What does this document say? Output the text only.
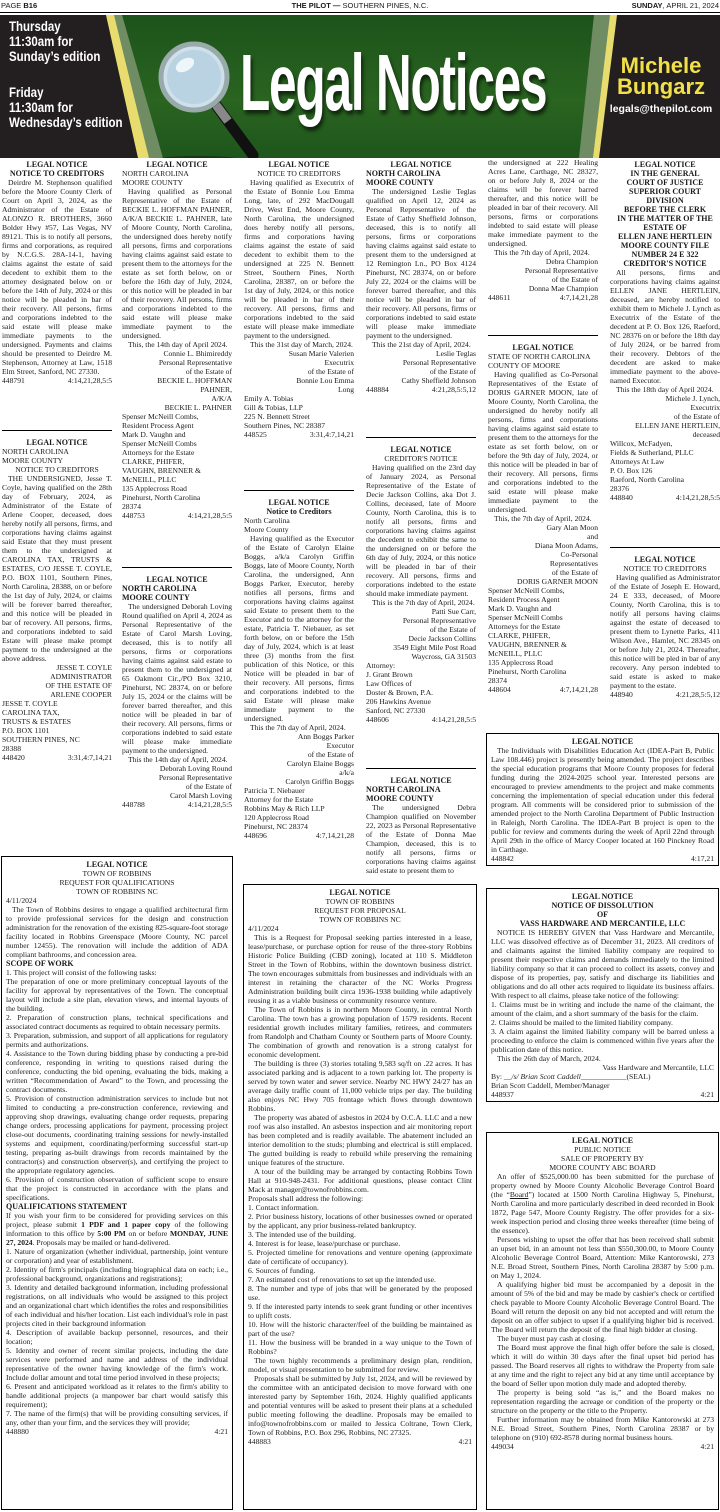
PAGE B16	THE PILOT — SOUTHERN PINES, N.C.	SUNDAY, APRIL 21, 2024
Thursday
11:30am for
Sunday’s edition
Friday
11:30am for
Wednesday’s edition Legal Notices	Michele
Bungarz
legals@thepilot.com
LEGAL NOTICE
NOTICE TO CREDITORS
Deirdre M. Stephenson qualified before the Moore County Clerk of Court on April 3, 2024, as the Administrator of the Estate of ALONZO R. BROTHERS, 3660 Bolder Hwy #57, Las Vegas, NV 89121. This is to notify all persons, firms and corporations, as required by N.C.G.S. 28A-14-1, having claims against the estate of said decedent to exhibit them to the attorney designated below on or before the 14th of July, 2024 or this notice will be pleaded in bar of their recovery. All persons, firms and corporations indebted to the said estate will please make immediate payments to the undersigned. Payments and claims should be presented to Deirdre M. Stephenson, Attorney at Law, 1518 Elm Street, Sanford, NC 27330.
448791	4:14,21,28,5:5
LEGAL NOTICE
NORTH CAROLINA
MOORE COUNTY
NOTICE TO CREDITORS
THE UNDERSIGNED, Jesse T. Coyle, having qualified on the 28th day of February, 2024, as Administrator of the Estate of Arlene Cooper, deceased, does hereby notify all persons, firms, and corporations having claims against said Estate that they must present them to the undersigned at CAROLINA TAX, TRUSTS & ESTATES, C/O JESSE T. COYLE, P.O. BOX 1101, Southern Pines, North Carolina, 28388, on or before the 1st day of July, 2024, or claims will be forever barred thereafter, and this notice will be pleaded in bar of recovery. All persons, firms, and corporations indebted to said Estate will please make prompt payment to the undersigned at the above address.
JESSE T. COYLE
ADMINISTRATOR
OF THE ESTATE OF
ARLENE COOPER
JESSE T. COYLE
CAROLINA TAX,
TRUSTS & ESTATES
P.O. BOX 1101
SOUTHERN PINES, NC
28388
448420	3:31,4:7,14,21
LEGAL NOTICE
NORTH CAROLINA
MOORE COUNTY
Having qualified as Personal Representative of the Estate of BECKIE L. HOFFMAN PAHNER, A/K/A BECKIE L. PAHNER, late of Moore County, North Carolina, the undersigned does hereby notify all persons, firms and corporations having claims against said estate to present them to the attorneys for the estate as set forth below, on or before the 16th day of July, 2024, or this notice will be pleaded in bar of their recovery. All persons, firms and corporations indebted to the said estate will please make immediate payment to the undersigned.
This, the 14th day of April 2024.
Connie L. Bhimireddy
Personal Representative
of the Estate of
BECKIE L. HOFFMAN
PAHNER,
A/K/A
BECKIE L. PAHNER
Spenser McNeill Combs,
Resident Process Agent
Mark D. Vaughn and
Spenser McNeill Combs
Attorneys for the Estate
CLARKE, PHIFER,
VAUGHN, BRENNER &
McNEILL, PLLC
135 Applecross Road
Pinehurst, North Carolina
28374
448753	4:14,21,28,5:5
LEGAL NOTICE
NORTH CAROLINA
MOORE COUNTY
The undersigned Deborah Loving Round qualified on April 4, 2024 as Personal Representative of the Estate of Carol Marsh Loving, deceased, this is to notify all persons, firms or corporations having claims against said estate to present them to the undersigned at 65 Oakmont Cir.,/PO Box 3210, Pinehurst, NC 28374, on or before July 15, 2024 or the claims will be forever barred thereafter, and this notice will be pleaded in bar of their recovery. All persons, firms or corporations indebted to said estate will please make immediate payment to the undersigned.
This the 14th day of April, 2024.
Deborah Loving Round
Personal Representative
of the Estate of
Carol Marsh Loving
448788	4:14,21,28,5:5
LEGAL NOTICE
NOTICE TO CREDITORS
Having qualified as Executrix of the Estate of Bonnie Lou Emma Long, late, of 292 MacDougall Drive, West End, Moore County, North Carolina, the undersigned does hereby notify all persons, firms and corporations having claims against the estate of said decedent to exhibit them to the undersigned at 225 N. Bennett Street, Southern Pines, North Carolina, 28387, on or before the 1st day of July, 2024, or this notice will be pleaded in bar of their recovery. All persons, firms and corporations indebted to the said estate will please make immediate payment to the undersigned.
This the 31st day of March, 2024.
Susan Marie Valerien
Executrix
of the Estate of
Bonnie Lou Emma
Long
Emily A. Tobias
Gill & Tobias, LLP
225 N. Bennett Street
Southern Pines, NC 28387
448525	3:31,4:7,14,21
LEGAL NOTICE
Notice to Creditors
North Carolina
Moore County
Having qualified as the Executor of the Estate of Carolyn Elaine Boggs, a/k/a Carolyn Griffin Boggs, late of Moore County, North Carolina, the undersigned, Ann Boggs Parker, Executor, hereby notifies all persons, firms and corporations having claims against said Estate to present them to the Executor and to the attorney for the estate, Patricia T. Niebauer, as set forth below, on or before the 15th day of July, 2024, which is at least three (3) months from the first publication of this Notice, or this Notice will be pleaded in bar of their recovery. All persons, firms and corporations indebted to the said Estate will please make immediate payment to the undersigned.
This the 7th day of April, 2024.
Ann Boggs Parker
Executor
of the Estate of
Carolyn Elaine Boggs
a/k/a
Carolyn Griffin Boggs
Patricia T. Niebauer
Attorney for the Estate
Robbins May & Rich LLP
120 Applecross Road
Pinehurst, NC 28374
448696	4:7,14,21,28
LEGAL NOTICE
NORTH CAROLINA
MOORE COUNTY
The undersigned Leslie Teglas qualified on April 12, 2024 as Personal Representative of the Estate of Cathy Sheffield Johnson, deceased, this is to notify all persons, firms or corporations having claims against said estate to present them to the undersigned at 12 Remington Ln., PO Box 4124 Pinehurst, NC 28374, on or before July 22, 2024 or the claims will be forever barred thereafter, and this notice will be pleaded in bar of their recovery. All persons, firms or corporations indebted to said estate will please make immediate payment to the undersigned.
This the 21st day of April, 2024.
Leslie Teglas
Personal Representative
of the Estate of
Cathy Sheffield Johnson
448884	4:21,28,5:5,12
LEGAL NOTICE
CREDITOR'S NOTICE
Having qualified on the 23rd day of January 2024, as Personal Representative of the Estate of Decie Jackson Collins, aka Dot J. Collins, deceased, late of Moore County, North Carolina, this is to notify all persons, firms and corporations having claims against the decedent to exhibit the same to the undersigned on or before the 6th day of July, 2024, or this notice will be pleaded in bar of their recovery. All persons, firms and corporations indebted to the estate should make immediate payment.
This is the 7th day of April, 2024.
Patti Sue Carr,
Personal Representative
of the Estate of
Decie Jackson Collins
3549 Eight Mile Post Road
Waycross, GA 31503
Attorney:
J. Grant Brown
Law Offices of
Doster & Brown, P.A.
206 Hawkins Avenue
Sanford, NC 27330
448606	4:14,21,28,5:5
LEGAL NOTICE
NORTH CAROLINA
MOORE COUNTY
The undersigned Debra Champion qualified on November 22, 2023 as Personal Representative of the Estate of Donna Mae Champion, deceased, this is to notify all persons, firms or corporations having claims against said estate to present them to
the undersigned at 222 Healing Acres Lane, Carthage, NC 28327, on or before July 8, 2024 or the claims will be forever barred thereafter, and this notice will be pleaded in bar of their recovery. All persons, firms or corporations indebted to said estate will please make immediate payment to the undersigned.
This the 7th day of April, 2024.
Debra Champion
Personal Representative
of the Estate of
Donna Mae Champion
448611	4:7,14,21,28
LEGAL NOTICE
STATE OF NORTH CAROLINA
COUNTY OF MOORE
Having qualified as Co-Personal Representatives of the Estate of DORIS GARNER MOON, late of Moore County, North Carolina, the undersigned do hereby notify all persons, firms and corporations having claims against said estate to present them to the attorneys for the estate as set forth below, on or before the 9th day of July, 2024, or this notice will be pleaded in bar of their recovery. All persons, firms and corporations indebted to the said estate will please make immediate payment to the undersigned.
This, the 7th day of April, 2024.
Gary Alan Moon
and
Diana Moon Adams,
Co-Personal
Representatives
of the Estate of
DORIS GARNER MOON
Spenser McNeill Combs,
Resident Process Agent
Mark D. Vaughn and
Spenser McNeill Combs
Attorneys for the Estate
CLARKE, PHIFER,
VAUGHN, BRENNER &
McNEILL, PLLC
135 Applecross Road
Pinehurst, North Carolina
28374
448604	4:7,14,21,28
LEGAL NOTICE
IN THE GENERAL
COURT OF JUSTICE
SUPERIOR COURT
DIVISION
BEFORE THE CLERK
IN THE MATTER OF THE
ESTATE OF
ELLEN JANE HERTLEIN
MOORE COUNTY FILE
NUMBER 24 E 322
CREDITOR'S NOTICE
All persons, firms and corporations having claims against ELLEN JANE HERTLEIN, deceased, are hereby notified to exhibit them to Michele J. Lynch as Executrix of the Estate of the decedent at P. O. Box 126, Raeford, NC 28376 on or before the 18th day of July 2024, or be barred from their recovery. Debtors of the decedent are asked to make immediate payment to the above-named Executor.
This the 18th day of April 2024.
Michele J. Lynch,
Executrix
of the Estate of
ELLEN JANE HERTLEIN,
deceased
Willcox, McFadyen,
Fields & Sutherland, PLLC
Attorneys At Law
P. O. Box 126
Raeford, North Carolina
28376
448840	4:14,21,28,5:5
LEGAL NOTICE
NOTICE TO CREDITORS
Having qualified as Administrator of the Estate of Joseph E. Howard, 24 E 333, deceased, of Moore County, North Carolina, this is to notify all persons having claims against the estate of deceased to present them to Lynette Parks, 411 Wilson Ave., Hamlet, NC 28345 on or before July 21, 2024. Thereafter, this notice will be pled in bar of any recovery. Any person indebted to said estate is asked to make payment to the estate.
448940	4:21,28,5:5,12
LEGAL NOTICE
The Individuals with Disabilities Education Act (IDEA-Part B, Public Law 108.446) project is presently being amended. The project describes the special education programs that Moore County proposes for federal funding during the 2024-2025 school year. Interested persons are encouraged to preview amendments to the project and make comments concerning the implementation of special education under this federal program. All comments will be considered prior to submission of the amended project to the North Carolina Department of Public Instruction in Raleigh, North Carolina. The IDEA-Part B project is open to the public for review and comments during the week of April 22nd through April 29th in the office of Marcy Cooper located at 160 Pinckney Road in Carthage.
448842	4:17,21
LEGAL NOTICE
NOTICE OF DISSOLUTION
OF
VASS HARDWARE AND MERCANTILE, LLC
NOTICE IS HEREBY GIVEN that Vass Hardware and Mercantile, LLC was dissolved effective as of December 31, 2023. All creditors of and claimants against the limited liability company are required to present their respective claims and demands immediately to the limited liability company so that it can proceed to collect its assets, convey and dispose of its properties, pay, satisfy and discharge its liabilities and obligations and do all other acts required to liquidate its business affairs. With respect to all claims, please take notice of the following:
1. Claims must be in writing and include the name of the claimant, the amount of the claim, and a short summary of the basis for the claim.
2. Claims should be mailed to the limited liability company.
3. A claim against the limited liability company will be barred unless a proceeding to enforce the claim is commenced within five years after the publication date of this notice.
This the 26th day of March, 2024.
Vass Hardware and Mercantile, LLC
By: __/s/ Brian Scott Caddell____________(SEAL)
Brian Scott Caddell, Member/Manager
448937	4:21
LEGAL NOTICE
PUBLIC NOTICE
SALE OF PROPERTY BY
MOORE COUNTY ABC BOARD
An offer of $525,000.00 has been submitted for the purchase of property owned by Moore County Alcoholic Beverage Control Board (the “Board”) located at 1500 North Carolina Highway 5, Pinehurst, North Carolina and more particularly described in deed recorded in Book 1872, Page 547, Moore County Registry. The offer provides for a six-week inspection period and closing three weeks thereafter (time being of the essence).
Persons wishing to upset the offer that has been received shall submit an upset bid, in an amount not less than $550,300.00, to Moore County Alcoholic Beverage Control Board, Attention: Mike Kantorowski, 273 N.E. Broad Street, Southern Pines, North Carolina 28387 by 5:00 p.m. on May 1, 2024.
A qualifying higher bid must be accompanied by a deposit in the amount of 5% of the bid and may be made by cashier's check or certified check payable to Moore County Alcoholic Beverage Control Board. The Board will return the deposit on any bid not accepted and will return the deposit on an offer subject to upset if a qualifying higher bid is received. The Board will return the deposit of the final high bidder at closing.
The buyer must pay cash at closing.
The Board must approve the final high offer before the sale is closed, which it will do within 30 days after the final upset bid period has passed. The Board reserves all rights to withdraw the Property from sale at any time and the right to reject any bid at any time until acceptance by the board of Seller upon motion duly made and adopted thereby.
The property is being sold “as is,” and the Board makes no representation regarding the acreage or condition of the property or the structure on the property or the title to the Property.
Further information may be obtained from Mike Kantorowski at 273 N.E. Broad Street, Southern Pines, North Carolina 28387 or by telephone on (910) 692-8578 during normal business hours.
449034	4:21
LEGAL NOTICE
TOWN OF ROBBINS
REQUEST FOR QUALIFICATIONS
TOWN OF ROBBINS NC
4/11/2024
The Town of Robbins desires to engage a qualified architectural firm to provide professional services for the design and construction administration for the renovation of the existing 825-square-foot storage facility located in Robbins Greenspace (Moore County, NC parcel number 12455). The renovation will include the addition of ADA compliant bathrooms, and concession area.
SCOPE OF WORK
1. This project will consist of the following tasks:
The preparation of one or more preliminary conceptual layouts of the facility for approval by representatives of the Town. The conceptual layout will include a site plan, elevation views, and internal layouts of the building.
2. Preparation of construction plans, technical specifications and associated contract documents as required to obtain necessary permits.
3. Preparation, submission, and support of all applications for regulatory permits and authorizations.
4. Assistance to the Town during bidding phase by conducting a pre-bid conference, responding in writing to questions raised during the conference, conducting the bid opening, evaluating the bids, making a written “Recommendation of Award” to the Town, and processing the contract documents.
5. Provision of construction administration services to include but not limited to conducting a pre-construction conference, reviewing and approving shop drawings, evaluating change order requests, preparing change orders, processing applications for payment, processing project close-out documents, coordinating training sessions for newly-installed systems and equipment, coordinating/performing successful start-up testing, preparing as-built drawings from records maintained by the contractor(s) and construction observer(s), and certifying the project to the appropriate regulatory agencies.
6. Provision of construction observation of sufficient scope to ensure that the project is constructed in accordance with the plans and specifications.
QUALIFICATIONS STATEMENT
If you wish your firm to be considered for providing services on this project, please submit 1 PDF and 1 paper copy of the following information to this office by 5:00 PM on or before MONDAY, JUNE 27, 2024. Proposals may be mailed or hand-delivered.
1. Nature of organization (whether individual, partnership, joint venture or corporation) and year of establishment.
2. Identity of firm's principals (including biographical data on each; i.e., professional background, organizations and registrations);
3. Identity and detailed background information, including professional registrations, on all individuals who would be assigned to this project and an organizational chart which identifies the roles and responsibilities of each individual and his/her location. List each individual's role in past projects cited in their background information
4. Description of available backup personnel, resources, and their location;
5. Identity and owner of recent similar projects, including the date services were performed and name and address of the individual representative of the owner having knowledge of the firm's work. Include dollar amount and total time period involved in these projects;
6. Present and anticipated workload as it relates to the firm's ability to handle additional projects (a manpower bar chart would satisfy this requirement);
7. The name of the firm(s) that will be providing consulting services, if any, other than your firm, and the services they will provide;
448880	4:21
LEGAL NOTICE
TOWN OF ROBBINS
REQUEST FOR PROPOSAL
TOWN OF ROBBINS NC
4/11/2024
This is a Request for Proposal seeking parties interested in a lease, lease/purchase, or purchase option for reuse of the three-story Robbins Historic Police Building (CBD zoning), located at 110 S. Middleton Street in the Town of Robbins, within the downtown business district. The town encourages submittals from businesses and individuals with an interest in retaining the character of the NC Works Progress Administration building built circa 1936-1938 building while adaptively reusing it as a viable business or community resource venture.
The Town of Robbins is in northern Moore County, in central North Carolina. The town has a growing population of 1579 residents. Recent residential growth includes military families, retirees, and commuters from Randolph and Chatham County or Southern parts of Moore County. The combination of growth and renovation is a strong catalyst for economic development.
The building is three (3) stories totaling 9,583 sq/ft on .22 acres. It has associated parking and is adjacent to a town parking lot. The property is served by town water and sewer service. Nearby NC HWY 24/27 has an average daily traffic count of 11,000 vehicle trips per day. The building also enjoys NC Hwy 705 frontage which flows through downtown Robbins.
The property was abated of asbestos in 2024 by O.C.A. LLC and a new roof was also installed. An asbestos inspection and air monitoring report has been completed and is readily available. The abatement included an interior demolition to the studs; plumbing and electrical is still emplaced. The gutted building is ready to rebuild while preserving the remaining unique features of the structure.
A tour of the building may be arranged by contacting Robbins Town Hall at 910-948-2431. For additional questions, please contact Clint Mack at manager@townofrobbins.com.
Proposals shall address the following:
1. Contact information.
2. Prior business history, locations of other businesses owned or operated by the applicant, any prior business-related bankruptcy.
3. The intended use of the building.
4. Interest is for lease, lease/purchase or purchase.
5. Projected timeline for renovations and venture opening (approximate date of certificate of occupancy).
6. Sources of funding.
7. An estimated cost of renovations to set up the intended use.
8. The number and type of jobs that will be generated by the proposed use.
9. If the interested party intends to seek grant funding or other incentives to uplift costs.
10. How will the historic character/feel of the building be maintained as part of the use?
11. How the business will be branded in a way unique to the Town of Robbins?
The town highly recommends a preliminary design plan, rendition, model, or visual presentation to be submitted for review.
Proposals shall be submitted by July 1st, 2024, and will be reviewed by the committee with an anticipated decision to move forward with one interested party by September 16th, 2024. Highly qualified applicants and potential ventures will be asked to present their plans at a scheduled public meeting following the deadline. Proposals may be emailed to info@townofrobbins.com or mailed to Jessica Coltrane, Town Clerk, Town of Robbins, P.O. Box 296, Robbins, NC 27325.
448883	4:21
